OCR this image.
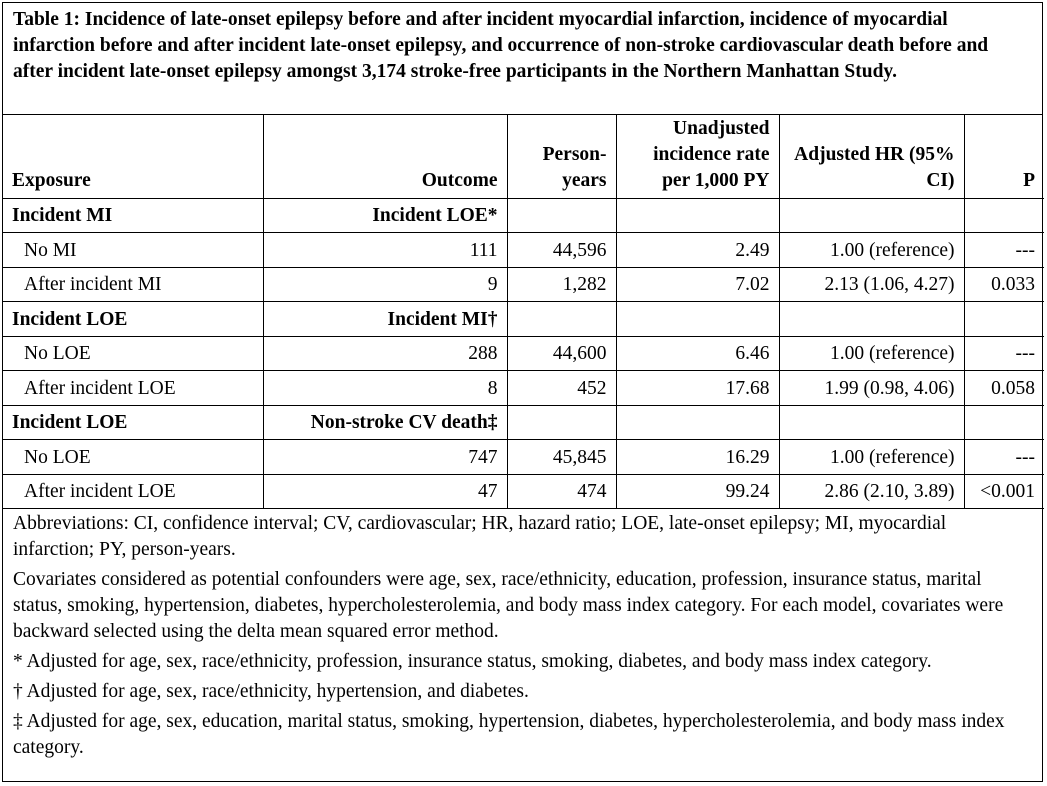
Table 1: Incidence of late-onset epilepsy before and after incident myocardial infarction, incidence of myocardial infarction before and after incident late-onset epilepsy, and occurrence of non-stroke cardiovascular death before and after incident late-onset epilepsy amongst 3,174 stroke-free participants in the Northern Manhattan Study.
Exposure	Outcome	Person-years	Unadjusted incidence rate per 1,000 PY	Adjusted HR (95% CI)	P
Incident MI	Incident LOE*				
No MI	111	44,596	2.49	1.00 (reference)	---
After incident MI	9	1,282	7.02	2.13 (1.06, 4.27)	0.033
Incident LOE	Incident MI†				
No LOE	288	44,600	6.46	1.00 (reference)	---
After incident LOE	8	452	17.68	1.99 (0.98, 4.06)	0.058
Incident LOE	Non-stroke CV death‡				
No LOE	747	45,845	16.29	1.00 (reference)	---
After incident LOE	47	474	99.24	2.86 (2.10, 3.89)	<0.001

Abbreviations: CI, confidence interval; CV, cardiovascular; HR, hazard ratio; LOE, late-onset epilepsy; MI, myocardial infarction; PY, person-years.

Covariates considered as potential confounders were age, sex, race/ethnicity, education, profession, insurance status, marital status, smoking, hypertension, diabetes, hypercholesterolemia, and body mass index category. For each model, covariates were backward selected using the delta mean squared error method.

* Adjusted for age, sex, race/ethnicity, profession, insurance status, smoking, diabetes, and body mass index category.

† Adjusted for age, sex, race/ethnicity, hypertension, and diabetes.

‡ Adjusted for age, sex, education, marital status, smoking, hypertension, diabetes, hypercholesterolemia, and body mass index category.
